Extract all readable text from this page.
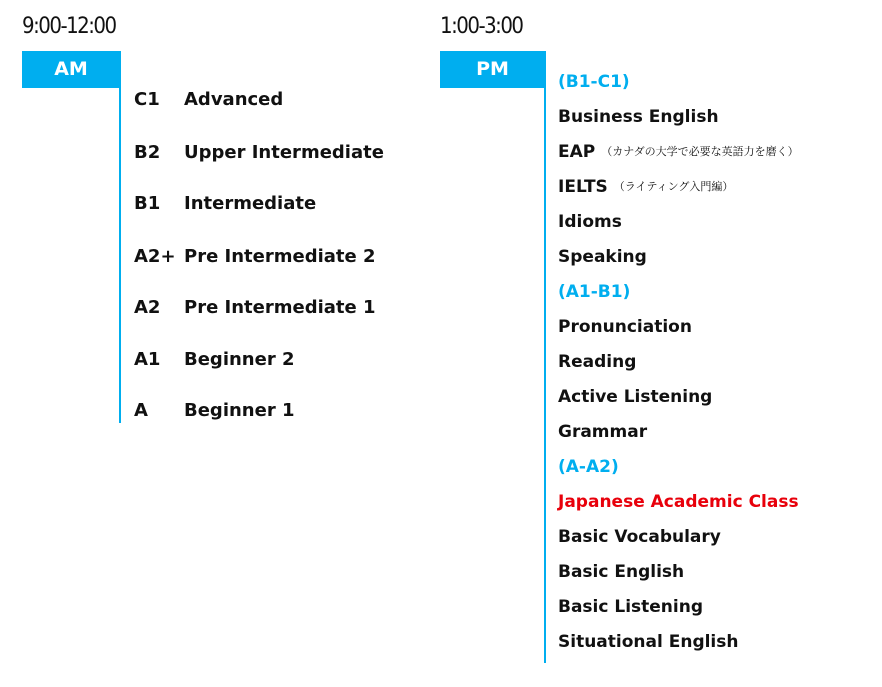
9:00-12:00
AM
C1 Advanced
B2 Upper Intermediate
B1 Intermediate
A2+ Pre Intermediate 2
A2 Pre Intermediate 1
A1 Beginner 2
A Beginner 1
1:00-3:00
PM
(B1-C1)
Business English
EAP （カナダの大学で必要な英語力を磨く）
IELTS （ライティング入門編）
Idioms
Speaking
(A1-B1)
Pronunciation
Reading
Active Listening
Grammar
(A-A2)
Japanese Academic Class
Basic Vocabulary
Basic English
Basic Listening
Situational English
